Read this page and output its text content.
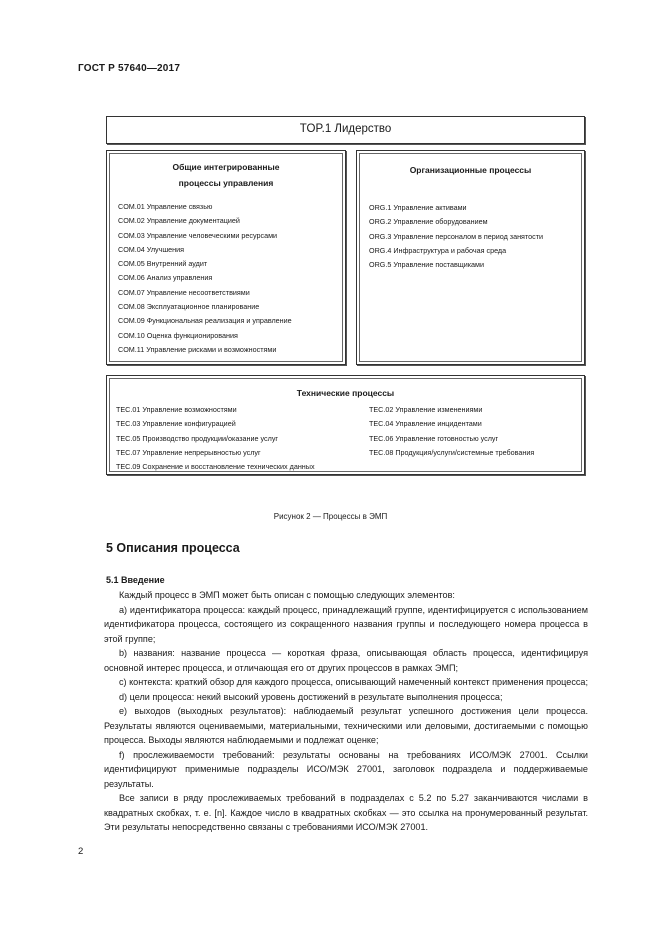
ГОСТ Р 57640—2017
TOP.1 Лидерство
Общие интегрированные
процессы управления
COM.01 Управление связью
COM.02 Управление документацией
COM.03 Управление человеческими ресурсами
COM.04 Улучшения
COM.05 Внутренний аудит
COM.06 Анализ управления
COM.07 Управление несоответствиями
COM.08 Эксплуатационное планирование
COM.09 Функциональная реализация и управление
COM.10 Оценка функционирования
COM.11 Управление рисками и возможностями
Организационные процессы
ORG.1 Управление активами
ORG.2 Управление оборудованием
ORG.3 Управление персоналом в период занятости
ORG.4 Инфраструктура и рабочая среда
ORG.5 Управление поставщиками
Технические процессы
TEC.01 Управление возможностями
TEC.03 Управление конфигурацией
TEC.05 Производство продукции/оказание услуг
TEC.07 Управление непрерывностью услуг
TEC.09 Сохранение и восстановление технических данных
TEC.02 Управление изменениями
TEC.04 Управление инцидентами
TEC.06 Управление готовностью услуг
TEC.08 Продукция/услуги/системные требования
Рисунок 2 — Процессы в ЭМП
5 Описания процесса
5.1 Введение

Каждый процесс в ЭМП может быть описан с помощью следующих элементов:

а) идентификатора процесса: каждый процесс, принадлежащий группе, идентифицируется с использованием идентификатора процесса, состоящего из сокращенного названия группы и последующего номера процесса в этой группе;

b) названия: название процесса — короткая фраза, описывающая область процесса, идентифицируя основной интерес процесса, и отличающая его от других процессов в рамках ЭМП;

c) контекста: краткий обзор для каждого процесса, описывающий намеченный контекст применения процесса;

d) цели процесса: некий высокий уровень достижений в результате выполнения процесса;

e) выходов (выходных результатов): наблюдаемый результат успешного достижения цели процесса. Результаты являются оцениваемыми, материальными, техническими или деловыми, достигаемыми с помощью процесса. Выходы являются наблюдаемыми и подлежат оценке;

f) прослеживаемости требований: результаты основаны на требованиях ИСО/МЭК 27001. Ссылки идентифицируют применимые подразделы ИСО/МЭК 27001, заголовок подраздела и поддерживаемые результаты.

Все записи в ряду прослеживаемых требований в подразделах с 5.2 по 5.27 заканчиваются числами в квадратных скобках, т. е. [n]. Каждое число в квадратных скобках — это ссылка на пронумерованный результат. Эти результаты непосредственно связаны с требованиями ИСО/МЭК 27001.

2
